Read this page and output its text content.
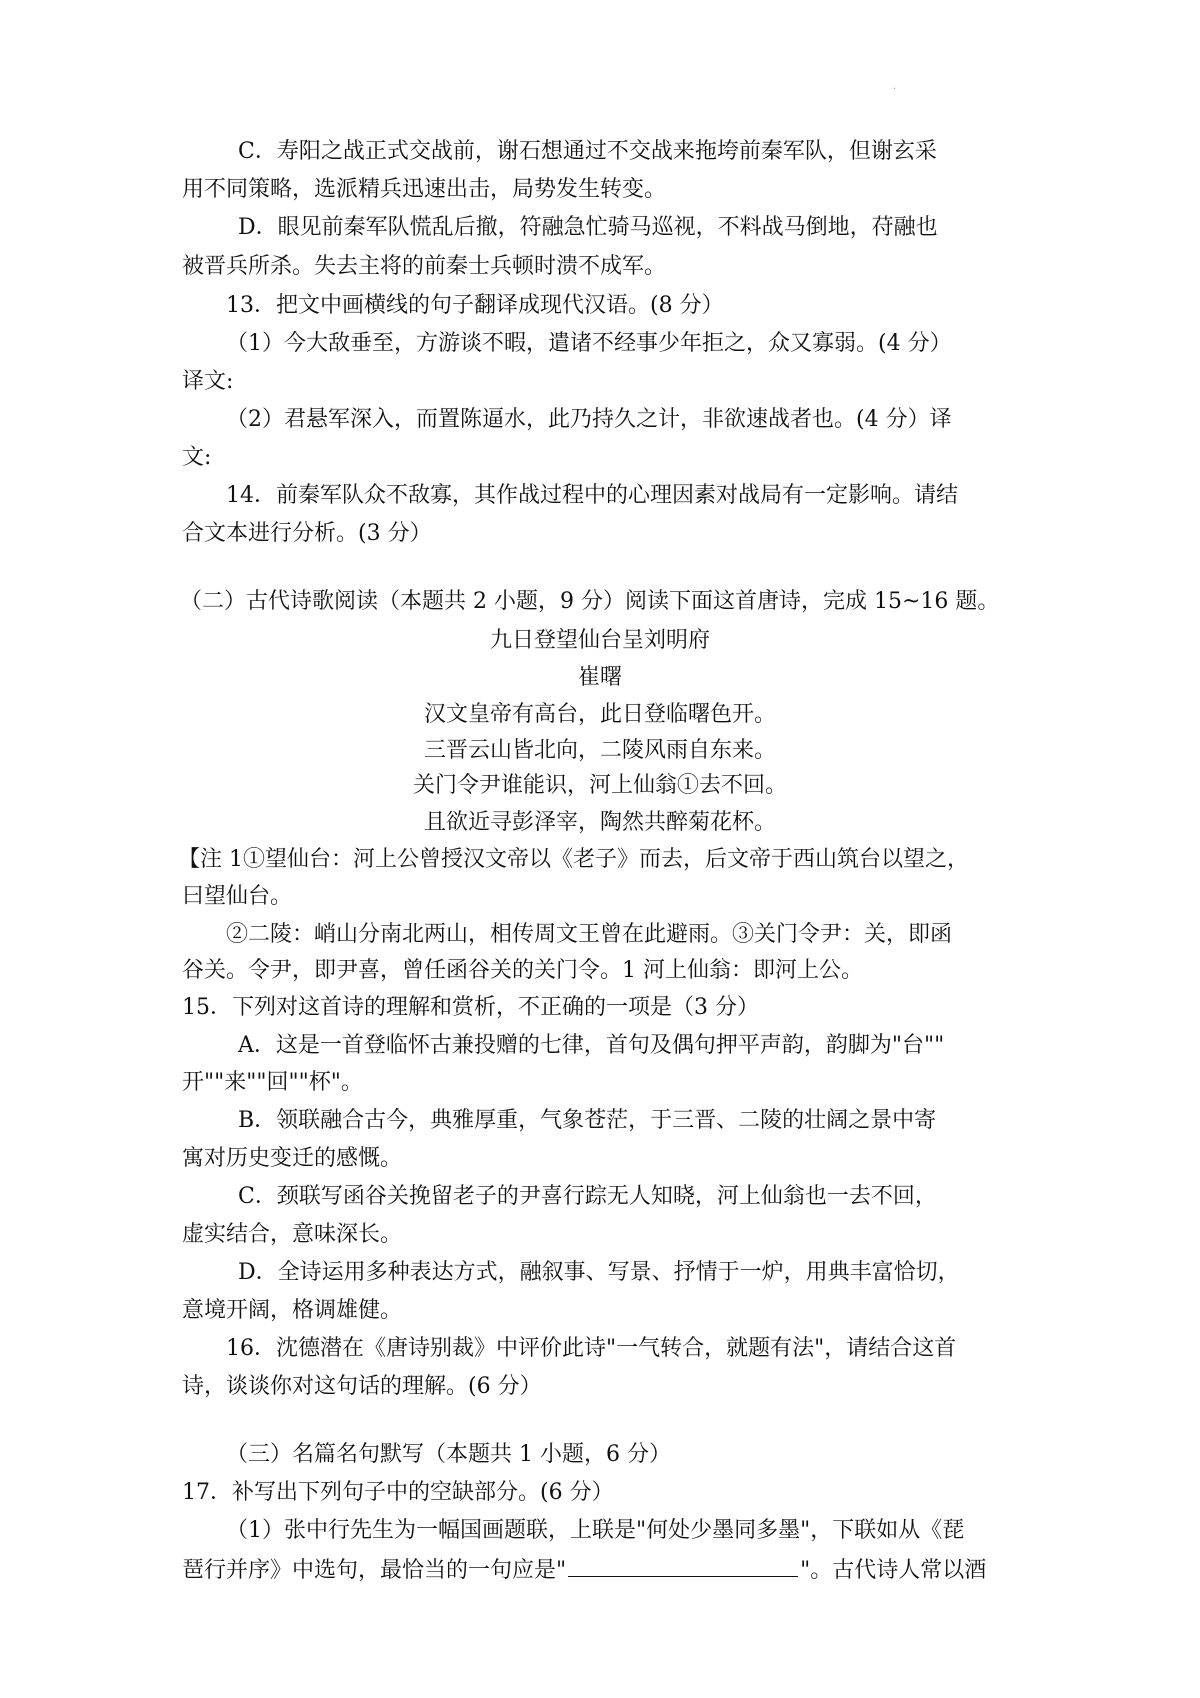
·
C．寿阳之战正式交战前，谢石想通过不交战来拖垮前秦军队，但谢玄采
用不同策略，选派精兵迅速出击，局势发生转变。
D．眼见前秦军队慌乱后撤，符融急忙骑马巡视，不料战马倒地，苻融也
被晋兵所杀。失去主将的前秦士兵顿时溃不成军。
13．把文中画横线的句子翻译成现代汉语。(8 分）
（1）今大敌垂至，方游谈不暇，遣诸不经事少年拒之，众又寡弱。(4 分）
译文:
（2）君悬军深入，而置陈逼水，此乃持久之计，非欲速战者也。(4 分）译
文:
14．前秦军队众不敌寡，其作战过程中的心理因素对战局有一定影响。请结
合文本进行分析。(3 分）
（二）古代诗歌阅读（本题共 2 小题，9 分）阅读下面这首唐诗，完成 15~16 题。
九日登望仙台呈刘明府
崔曙
汉文皇帝有高台，此日登临曙色开。
三晋云山皆北向，二陵风雨自东来。
关门令尹谁能识，河上仙翁①去不回。
且欲近寻彭泽宰，陶然共醉菊花杯。
【注 1①望仙台：河上公曾授汉文帝以《老子》而去，后文帝于西山筑台以望之，
曰望仙台。
②二陵：峭山分南北两山，相传周文王曾在此避雨。③关门令尹：关，即函
谷关。令尹，即尹喜，曾任函谷关的关门令。1 河上仙翁：即河上公。
15．下列对这首诗的理解和赏析，不正确的一项是（3 分）
A．这是一首登临怀古兼投赠的七律，首句及偶句押平声韵，韵脚为"台""
开""来""回""杯"。
B．领联融合古今，典雅厚重，气象苍茫，于三晋、二陵的壮阔之景中寄
寓对历史变迁的感慨。
C．颈联写函谷关挽留老子的尹喜行踪无人知晓，河上仙翁也一去不回，
虚实结合，意味深长。
D．全诗运用多种表达方式，融叙事、写景、抒情于一炉，用典丰富恰切，
意境开阔，格调雄健。
16．沈德潜在《唐诗别裁》中评价此诗"一气转合，就题有法"，请结合这首
诗，谈谈你对这句话的理解。(6 分）
（三）名篇名句默写（本题共 1 小题，6 分）
17．补写出下列句子中的空缺部分。(6 分）
（1）张中行先生为一幅国画题联，上联是"何处少墨同多墨"，下联如从《琵
琶行并序》中选句，最恰当的一句应是"	"。古代诗人常以酒
